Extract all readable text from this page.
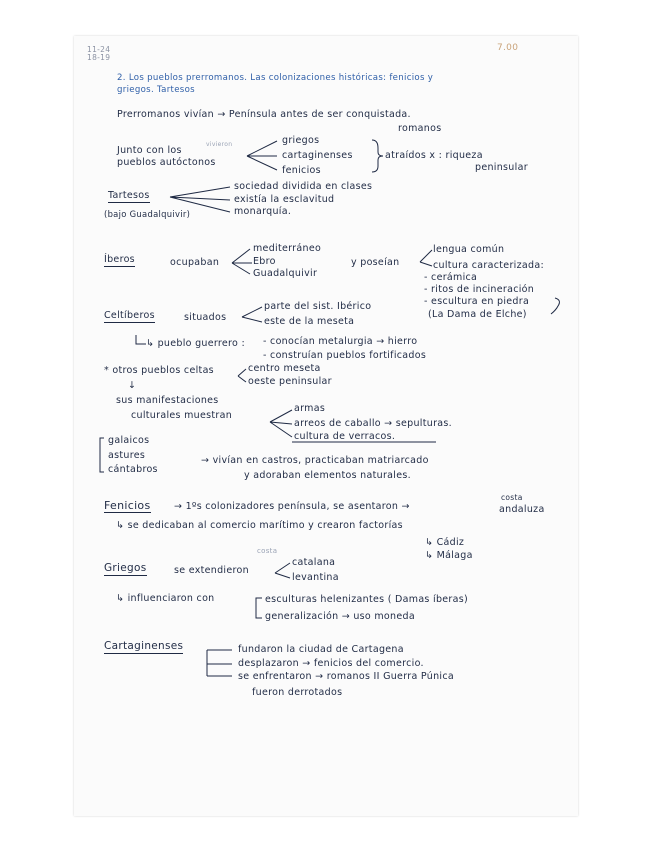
11-24
18-19
7.00
2. Los pueblos prerromanos. Las colonizaciones históricas: fenicios y
griegos. Tartesos
Prerromanos vivían → Península antes de ser conquistada.
romanos
Junto con los
vivieron
pueblos autóctonos
griegos
cartaginenses
fenicios
atraídos x : riqueza
peninsular
Tartesos
(bajo Guadalquivir)
sociedad dividida en clases
existía la esclavitud
monarquía.
Íberos	ocupaban
mediterráneo
Ebro
Guadalquivir
y poseían
lengua común
cultura caracterizada:
- cerámica
- ritos de incineración
- escultura en piedra
(La Dama de Elche)
Celtíberos	situados
parte del sist. Ibérico
este de la meseta
↳ pueblo guerrero : - conocían metalurgia → hierro
- construían pueblos fortificados
* otros pueblos celtas	centro meseta
oeste peninsular
↓
sus manifestaciones
culturales muestran
armas
arreos de caballo → sepulturas.
cultura de verracos.
galaicos
astures
cántabros
→ vivían en castros, practicaban matriarcado
y adoraban elementos naturales.
Fenicios → 1ºs colonizadores península, se asentaron →
costa
andaluza
↳ se dedicaban al comercio marítimo y crearon factorías
↳ Cádiz
↳ Málaga
Griegos	se extendieron
costa
catalana
levantina
↳ influenciaron con	esculturas helenizantes ( Damas íberas)
generalización → uso moneda
Cartaginenses	fundaron la ciudad de Cartagena
desplazaron → fenicios del comercio.
se enfrentaron → romanos II Guerra Púnica
fueron derrotados
